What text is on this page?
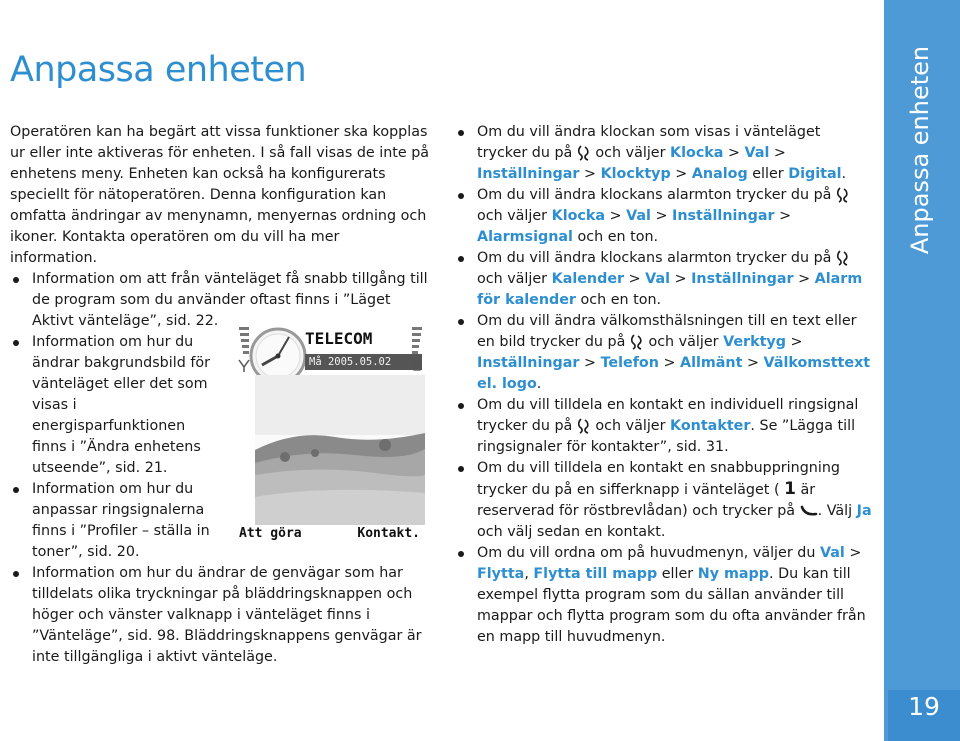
Anpassa enheten

Operatören kan ha begärt att vissa funktioner ska kopplas ur eller inte aktiveras för enheten. I så fall visas de inte på enhetens meny. Enheten kan också ha konfigurerats speciellt för nätoperatören. Denna konfiguration kan omfatta ändringar av menynamn, menyernas ordning och ikoner. Kontakta operatören om du vill ha mer information.

Information om att från vänteläget få snabb tillgång till de program som du använder oftast finns i ”Läget Aktivt vänteläge”, sid. 22.
Information om hur du ändrar bakgrundsbild för vänteläget eller det som visas i energisparfunktionen finns i ”Ändra enhetens utseende”, sid. 21.
Information om hur du anpassar ringsignalerna finns i ”Profiler – ställa in toner”, sid. 20.
Information om hur du ändrar de genvägar som har tilldelats olika tryckningar på bläddringsknappen och höger och vänster valknapp i vänteläget finns i ”Vänteläge”, sid. 98. Bläddringsknappens genvägar är inte tillgängliga i aktivt vänteläge.
TELECOM
Må 2005.05.02
Att göra	Kontakt.
Om du vill ändra klockan som visas i vänteläget trycker du på och väljer Klocka > Val > Inställningar > Klocktyp > Analog eller Digital.
Om du vill ändra klockans alarmton trycker du på  och väljer Klocka > Val > Inställningar > Alarmsignal och en ton.
Om du vill ändra klockans alarmton trycker du på  och väljer Kalender > Val > Inställningar > Alarm för kalender och en ton.
Om du vill ändra välkomsthälsningen till en text eller en bild trycker du på och väljer Verktyg > Inställningar > Telefon > Allmänt > Välkomsttext el. logo.
Om du vill tilldela en kontakt en individuell ringsignal trycker du på och väljer Kontakter. Se ”Lägga till ringsignaler för kontakter”, sid. 31.
Om du vill tilldela en kontakt en snabbuppringning trycker du på en sifferknapp i vänteläget ( 1 är reserverad för röstbrevlådan) och trycker på . Välj Ja och välj sedan en kontakt.
Om du vill ordna om på huvudmenyn, väljer du Val > Flytta, Flytta till mapp eller Ny mapp. Du kan till exempel flytta program som du sällan använder till mappar och flytta program som du ofta använder från en mapp till huvudmenyn.
Anpassa enheten
19
